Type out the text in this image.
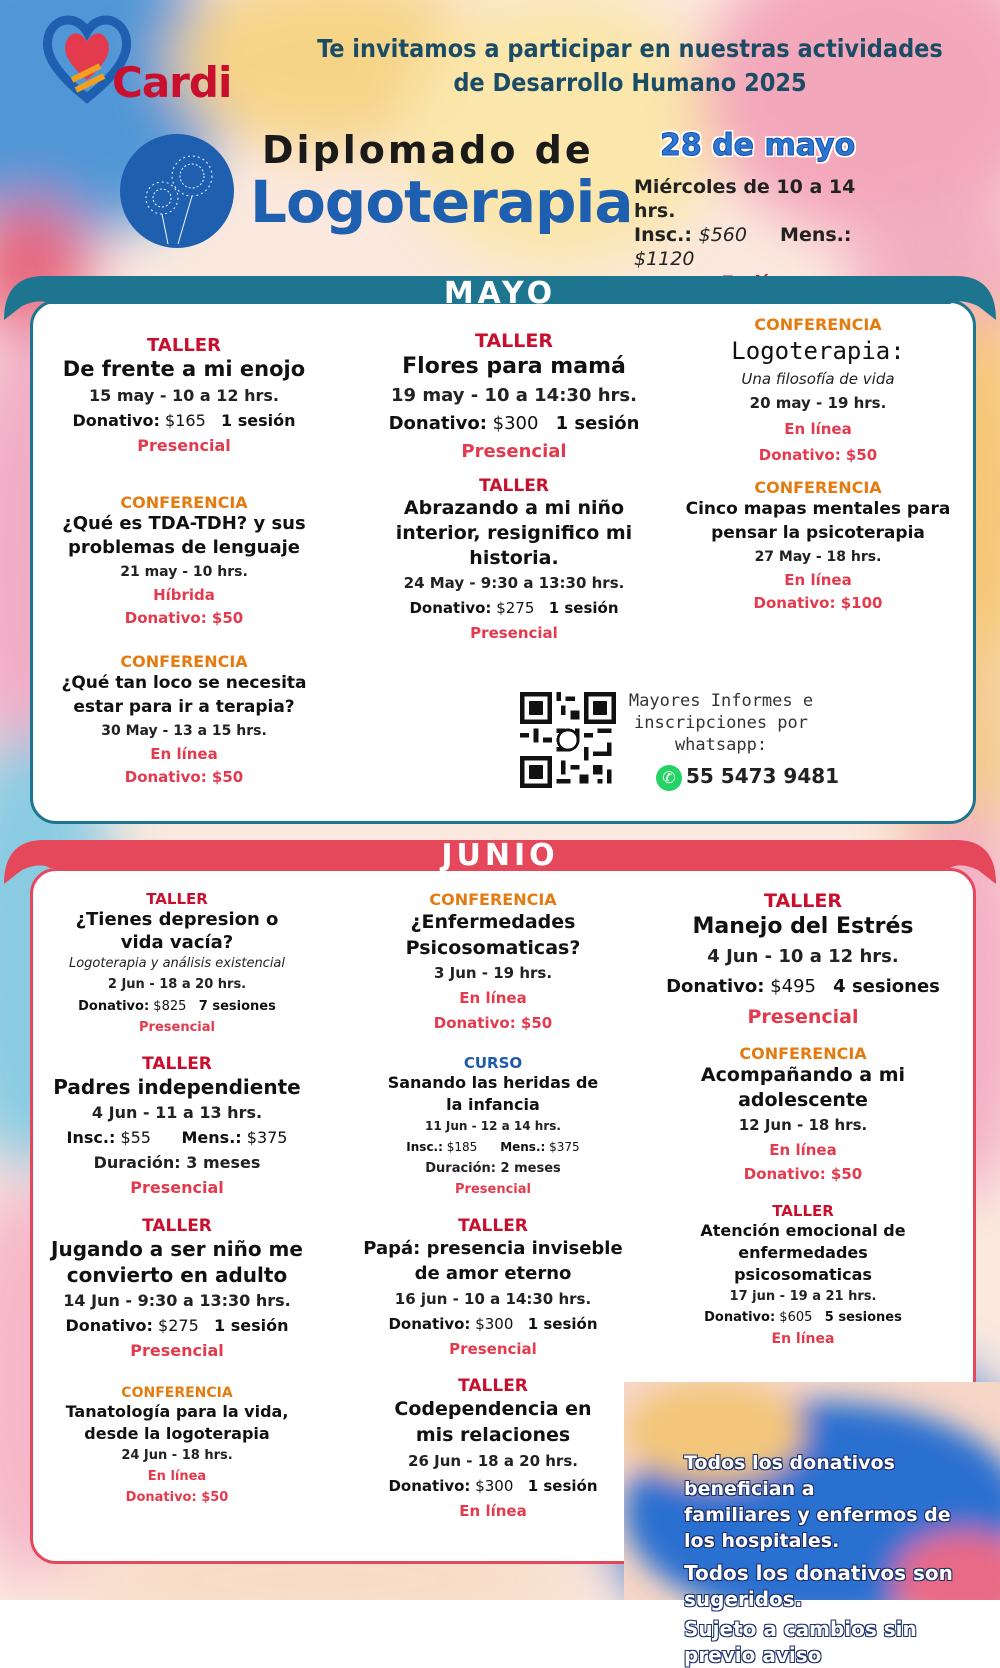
Cardi
Te invitamos a participar en nuestras actividades
de Desarrollo Humano 2025
Diplomado de
Logoterapia
28 de mayo
Miércoles de 10 a 14 hrs.
Insc.: $560 Mens.: $1120
MAYO
TALLER
De frente a mi enojo
15 may - 10 a 12 hrs.
Donativo: $165 1 sesión
Presencial
CONFERENCIA
¿Qué es TDA-TDH? y sus
problemas de lenguaje
21 may - 10 hrs.
Híbrida
Donativo: $50
CONFERENCIA
¿Qué tan loco se necesita
estar para ir a terapia?
30 May - 13 a 15 hrs.
En línea
Donativo: $50
TALLER
Flores para mamá
19 may - 10 a 14:30 hrs.
Donativo: $300 1 sesión
Presencial
TALLER
Abrazando a mi niño
interior, resignifico mi
historia.
24 May - 9:30 a 13:30 hrs.
Donativo: $275 1 sesión
Presencial
CONFERENCIA
Logoterapia:
Una filosofía de vida
20 may - 19 hrs.
En línea
Donativo: $50
CONFERENCIA
Cinco mapas mentales para
pensar la psicoterapia
27 May - 18 hrs.
En línea
Donativo: $100
Mayores Informes e
inscripciones por
whatsapp:
✆ 55 5473 9481
JUNIO
Todos los donativos benefician a
familiares y enfermos de los hospitales.
Todos los donativos son sugeridos.
Sujeto a cambios sin previo aviso
TALLER
¿Tienes depresion o
vida vacía?
Logoterapia y análisis existencial
2 Jun - 18 a 20 hrs.
Donativo: $825 7 sesiones
Presencial
TALLER
Padres independiente
4 Jun - 11 a 13 hrs.
Insc.: $55 Mens.: $375
Duración: 3 meses
Presencial
TALLER
Jugando a ser niño me
convierto en adulto
14 Jun - 9:30 a 13:30 hrs.
Donativo: $275 1 sesión
Presencial
CONFERENCIA
Tanatología para la vida,
desde la logoterapia
24 Jun - 18 hrs.
En línea
Donativo: $50
CONFERENCIA
¿Enfermedades
Psicosomaticas?
3 Jun - 19 hrs.
En línea
Donativo: $50
CURSO
Sanando las heridas de
la infancia
11 Jun - 12 a 14 hrs.
Insc.: $185 Mens.: $375
Duración: 2 meses
Presencial
TALLER
Papá: presencia inviseble
de amor eterno
16 jun - 10 a 14:30 hrs.
Donativo: $300 1 sesión
Presencial
TALLER
Codependencia en
mis relaciones
26 Jun - 18 a 20 hrs.
Donativo: $300 1 sesión
En línea
TALLER
Manejo del Estrés
4 Jun - 10 a 12 hrs.
Donativo: $495 4 sesiones
Presencial
CONFERENCIA
Acompañando a mi
adolescente
12 Jun - 18 hrs.
En línea
Donativo: $50
TALLER
Atención emocional de
enfermedades
psicosomaticas
17 jun - 19 a 21 hrs.
Donativo: $605 5 sesiones
En línea
